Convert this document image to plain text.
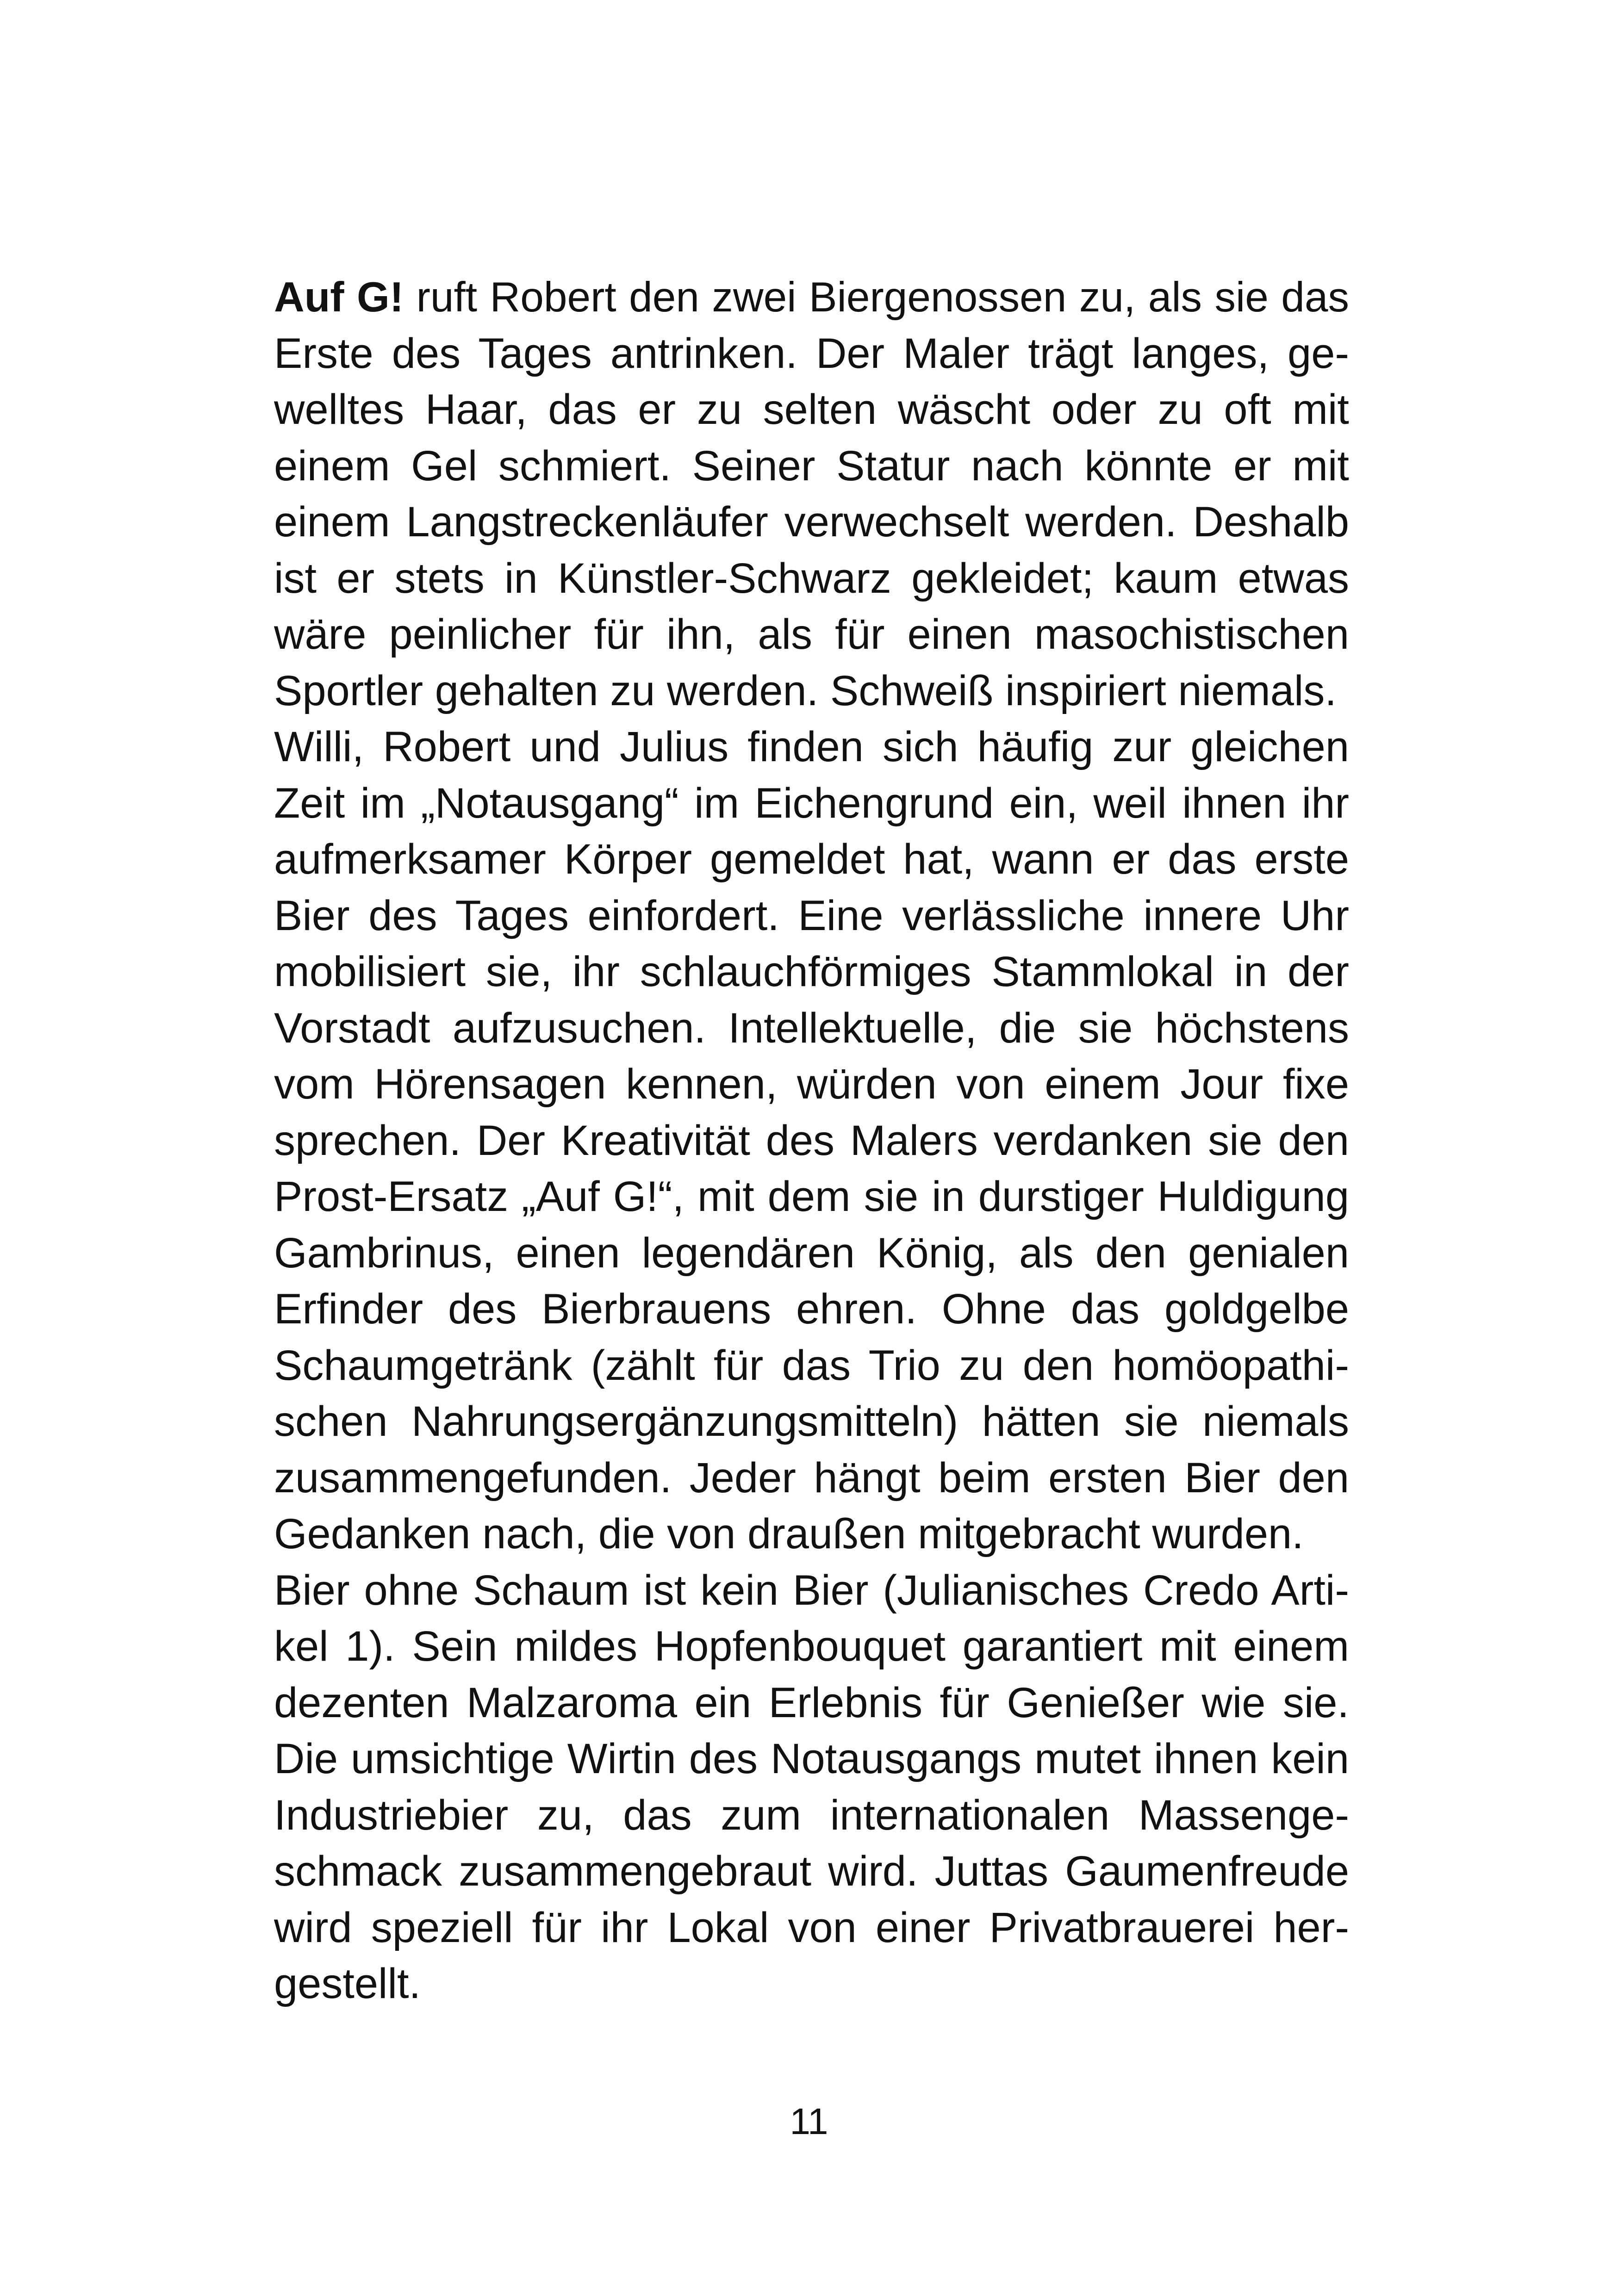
Auf G! ruft Robert den zwei Biergenossen zu, als sie das
Erste des Tages antrinken. Der Maler trägt langes, ge-
welltes Haar, das er zu selten wäscht oder zu oft mit
einem Gel schmiert. Seiner Statur nach könnte er mit
einem Langstreckenläufer verwechselt werden. Deshalb
ist er stets in Künstler-Schwarz gekleidet; kaum etwas
wäre peinlicher für ihn, als für einen masochistischen
Sportler gehalten zu werden. Schweiß inspiriert niemals.
Willi, Robert und Julius finden sich häufig zur gleichen
Zeit im „Notausgang“ im Eichengrund ein, weil ihnen ihr
aufmerksamer Körper gemeldet hat, wann er das erste
Bier des Tages einfordert. Eine verlässliche innere Uhr
mobilisiert sie, ihr schlauchförmiges Stammlokal in der
Vorstadt aufzusuchen. Intellektuelle, die sie höchstens
vom Hörensagen kennen, würden von einem Jour fixe
sprechen. Der Kreativität des Malers verdanken sie den
Prost-Ersatz „Auf G!“, mit dem sie in durstiger Huldigung
Gambrinus, einen legendären König, als den genialen
Erfinder des Bierbrauens ehren. Ohne das goldgelbe
Schaumgetränk (zählt für das Trio zu den homöopathi-
schen Nahrungsergänzungsmitteln) hätten sie niemals
zusammengefunden. Jeder hängt beim ersten Bier den
Gedanken nach, die von draußen mitgebracht wurden.
Bier ohne Schaum ist kein Bier (Julianisches Credo Arti-
kel 1). Sein mildes Hopfenbouquet garantiert mit einem
dezenten Malzaroma ein Erlebnis für Genießer wie sie.
Die umsichtige Wirtin des Notausgangs mutet ihnen kein
Industriebier zu, das zum internationalen Massenge-
schmack zusammengebraut wird. Juttas Gaumenfreude
wird speziell für ihr Lokal von einer Privatbrauerei her-
gestellt.
11
